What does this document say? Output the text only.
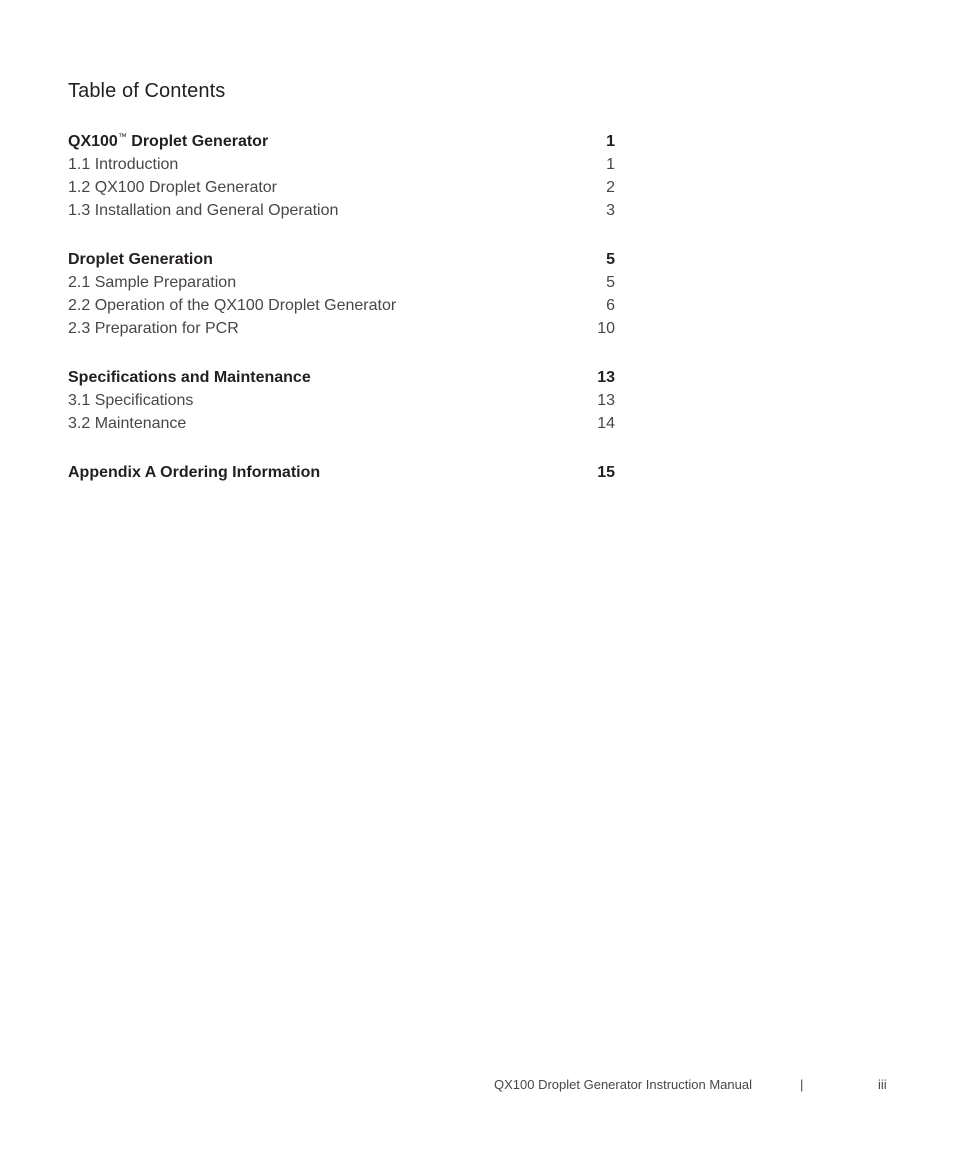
Table of Contents
QX100™ Droplet Generator	1
1.1 Introduction	1
1.2 QX100 Droplet Generator	2
1.3 Installation and General Operation	3
Droplet Generation	5
2.1 Sample Preparation	5
2.2 Operation of the QX100 Droplet Generator	6
2.3 Preparation for PCR	10
Specifications and Maintenance	13
3.1 Specifications	13
3.2 Maintenance	14
Appendix A Ordering Information	15
QX100 Droplet Generator Instruction Manual	|	iii
